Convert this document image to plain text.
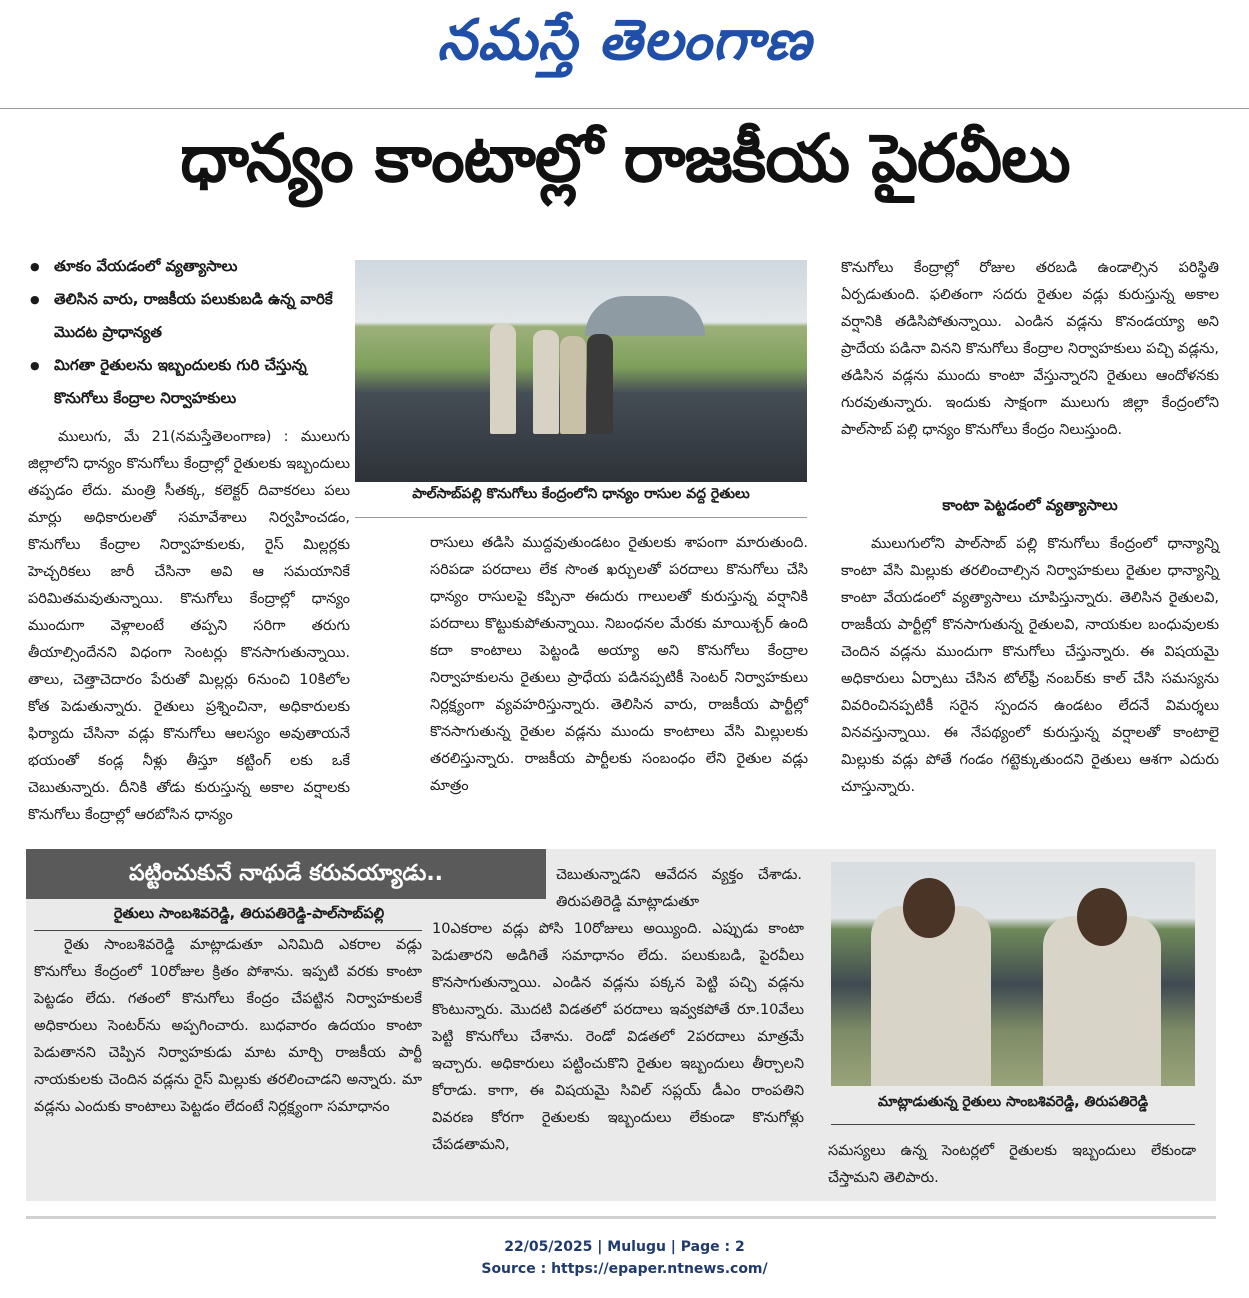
నమస్తే తెలంగాణ
ధాన్యం కాంటాల్లో రాజకీయ పైరవీలు
● తూకం వేయడంలో వ్యత్యాసాలు
● తెలిసిన వారు, రాజకీయ పలుకుబడి ఉన్న వారికే మొదట ప్రాధాన్యత
● మిగతా రైతులను ఇబ్బందులకు గురి చేస్తున్న కొనుగోలు కేంద్రాల నిర్వాహకులు

ములుగు, మే 21(నమస్తేతెలంగాణ) : ములుగు జిల్లాలోని ధాన్యం కొనుగోలు కేంద్రాల్లో రైతులకు ఇబ్బందులు తప్పడం లేదు. మంత్రి సీతక్క, కలెక్టర్ దివాకరలు పలు మార్లు అధికారులతో సమావేశాలు నిర్వహించడం, కొనుగోలు కేంద్రాల నిర్వాహకులకు, రైస్ మిల్లర్లకు హెచ్చరికలు జారీ చేసినా అవి ఆ సమయానికే పరిమితమవుతున్నాయి. కొనుగోలు కేంద్రాల్లో ధాన్యం ముందుగా వెళ్లాలంటే తప్పని సరిగా తరుగు తీయాల్సిందేనని విధంగా సెంటర్లు కొనసాగుతున్నాయి. తాలు, చెత్తాచెదారం పేరుతో మిల్లర్లు 6నుంచి 10కిలోల కోత పెడుతున్నారు. రైతులు ప్రశ్నించినా, అధికారులకు ఫిర్యాదు చేసినా వడ్లు కొనుగోలు ఆలస్యం అవుతాయనే భయంతో కండ్ల నీళ్లు తీస్తూ కట్టింగ్ లకు ఒకే చెబుతున్నారు. దీనికి తోడు కురుస్తున్న అకాల వర్షాలకు కొనుగోలు కేంద్రాల్లో ఆరబోసిన ధాన్యం

పాల్‌సాబ్‌పల్లి కొనుగోలు కేంద్రంలోని ధాన్యం రాసుల వద్ద రైతులు

రాసులు తడిసి ముద్దవుతుండటం రైతులకు శాపంగా మారుతుంది. సరిపడా పరదాలు లేక సొంత ఖర్చులతో పరదాలు కొనుగోలు చేసి ధాన్యం రాసులపై కప్పినా ఈదురు గాలులతో కురుస్తున్న వర్షానికి పరదాలు కొట్టుకుపోతున్నాయి. నిబంధనల మేరకు మాయిశ్చర్ ఉంది కదా కాంటాలు పెట్టండి అయ్యా అని కొనుగోలు కేంద్రాల నిర్వాహకులను రైతులు ప్రాధేయ పడినప్పటికీ సెంటర్ నిర్వాహకులు నిర్లక్ష్యంగా వ్యవహరిస్తున్నారు. తెలిసిన వారు, రాజకీయ పార్టీల్లో కొనసాగుతున్న రైతుల వడ్లను ముందు కాంటాలు వేసి మిల్లులకు తరలిస్తున్నారు. రాజకీయ పార్టీలకు సంబంధం లేని రైతుల వడ్లు మాత్రం

కొనుగోలు కేంద్రాల్లో రోజుల తరబడి ఉండాల్సిన పరిస్థితి ఏర్పడుతుంది. ఫలితంగా సదరు రైతుల వడ్లు కురుస్తున్న అకాల వర్షానికి తడిసిపోతున్నాయి. ఎండిన వడ్లను కొనండయ్యా అని ప్రాదేయ పడినా వినని కొనుగోలు కేంద్రాల నిర్వాహకులు పచ్చి వడ్లను, తడిసిన వడ్లను ముందు కాంటా వేస్తున్నారని రైతులు ఆందోళనకు గురవుతున్నారు. ఇందుకు సాక్షంగా ములుగు జిల్లా కేంద్రంలోని పాల్‌సాబ్ పల్లి ధాన్యం కొనుగోలు కేంద్రం నిలుస్తుంది.

కాంటా పెట్టడంలో వ్యత్యాసాలు

ములుగులోని పాల్‌సాబ్ పల్లి కొనుగోలు కేంద్రంలో ధాన్యాన్ని కాంటా వేసి మిల్లుకు తరలించాల్సిన నిర్వాహకులు రైతుల ధాన్యాన్ని కాంటా వేయడంలో వ్యత్యాసాలు చూపిస్తున్నారు. తెలిసిన రైతులవి, రాజకీయ పార్టీల్లో కొనసాగుతున్న రైతులవి, నాయకుల బంధువులకు చెందిన వడ్లను ముందుగా కొనుగోలు చేస్తున్నారు. ఈ విషయమై అధికారులు ఏర్పాటు చేసిన టోల్‌ఫ్రీ నంబర్‌కు కాల్ చేసి సమస్యను వివరించినప్పటికీ సరైన స్పందన ఉండటం లేదనే విమర్శలు వినవస్తున్నాయి. ఈ నేపథ్యంలో కురుస్తున్న వర్షాలతో కాంటాలై మిల్లుకు వడ్లు పోతే గండం గట్టెక్కుతుందని రైతులు ఆశగా ఎదురు చూస్తున్నారు.

పట్టించుకునే నాథుడే కరువయ్యాడు..
రైతులు సాంబశివరెడ్డి, తిరుపతిరెడ్డి-పాల్‌సాబ్‌పల్లి

రైతు సాంబశివరెడ్డి మాట్లాడుతూ ఎనిమిది ఎకరాల వడ్లు కొనుగోలు కేంద్రంలో 10రోజుల క్రితం పోశాను. ఇప్పటి వరకు కాంటా పెట్టడం లేదు. గతంలో కొనుగోలు కేంద్రం చేపట్టిన నిర్వాహకులకే అధికారులు సెంటర్‌ను అప్పగించారు. బుధవారం ఉదయం కాంటా పెడుతానని చెప్పిన నిర్వాహకుడు మాట మార్చి రాజకీయ పార్టీ నాయకులకు చెందిన వడ్లను రైస్ మిల్లుకు తరలించాడని అన్నారు. మా వడ్లను ఎందుకు కాంటాలు పెట్టడం లేదంటే నిర్లక్ష్యంగా సమాధానం

చెబుతున్నాడని ఆవేదన వ్యక్తం చేశాడు. తిరుపతిరెడ్డి మాట్లాడుతూ

10ఎకరాల వడ్లు పోసి 10రోజులు అయ్యింది. ఎప్పుడు కాంటా పెడుతారని అడిగితే సమాధానం లేదు. పలుకుబడి, పైరవీలు కొనసాగుతున్నాయి. ఎండిన వడ్లను పక్కన పెట్టి పచ్చి వడ్లను కొంటున్నారు. మొదటి విడతలో పరదాలు ఇవ్వకపోతే రూ.10వేలు పెట్టి కొనుగోలు చేశాను. రెండో విడతలో 2పరదాలు మాత్రమే ఇచ్చారు. అధికారులు పట్టించుకొని రైతుల ఇబ్బందులు తీర్చాలని కోరాడు. కాగా, ఈ విషయమై సివిల్ సప్లయ్ డీఎం రాంపతిని వివరణ కోరగా రైతులకు ఇబ్బందులు లేకుండా కొనుగోళ్లు చేపడతామని,

మాట్లాడుతున్న రైతులు సాంబశివరెడ్డి, తిరుపతిరెడ్డి

సమస్యలు ఉన్న సెంటర్లలో రైతులకు ఇబ్బందులు లేకుండా చేస్తామని తెలిపారు.

22/05/2025 | Mulugu | Page : 2
Source : https://epaper.ntnews.com/
